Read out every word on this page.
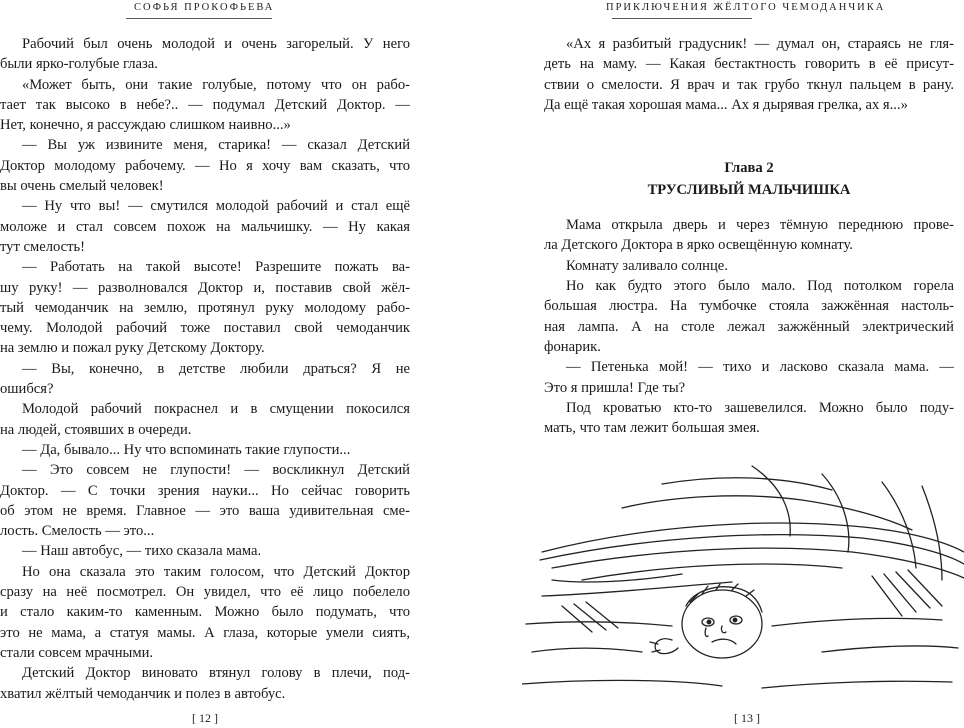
СОФЬЯ ПРОКОФЬЕВА
Рабочий был очень молодой и очень загорелый. У него
были ярко-голубые глаза.
«Может быть, они такие голубые, потому что он рабо-
тает так высоко в небе?.. — подумал Детский Доктор. —
Нет, конечно, я рассуждаю слишком наивно...»
— Вы уж извините меня, старика! — сказал Детский
Доктор молодому рабочему. — Но я хочу вам сказать, что
вы очень смелый человек!
— Ну что вы! — смутился молодой рабочий и стал ещё
моложе и стал совсем похож на мальчишку. — Ну какая
тут смелость!
— Работать на такой высоте! Разрешите пожать ва-
шу руку! — разволновался Доктор и, поставив свой жёл-
тый чемоданчик на землю, протянул руку молодому рабо-
чему. Молодой рабочий тоже поставил свой чемоданчик
на землю и пожал руку Детскому Доктору.
— Вы, конечно, в детстве любили драться? Я не
ошибся?
Молодой рабочий покраснел и в смущении покосился
на людей, стоявших в очереди.
— Да, бывало... Ну что вспоминать такие глупости...
— Это совсем не глупости! — воскликнул Детский
Доктор. — С точки зрения науки... Но сейчас говорить
об этом не время. Главное — это ваша удивительная сме-
лость. Смелость — это...
— Наш автобус, — тихо сказала мама.
Но она сказала это таким голосом, что Детский Доктор
сразу на неё посмотрел. Он увидел, что её лицо побелело
и стало каким-то каменным. Можно было подумать, что
это не мама, а статуя мамы. А глаза, которые умели сиять,
стали совсем мрачными.
Детский Доктор виновато втянул голову в плечи, под-
хватил жёлтый чемоданчик и полез в автобус.
[ 12 ]
ПРИКЛЮЧЕНИЯ ЖЁЛТОГО ЧЕМОДАНЧИКА
«Ах я разбитый градусник! — думал он, стараясь не гля-
деть на маму. — Какая бестактность говорить в её присут-
ствии о смелости. Я врач и так грубо ткнул пальцем в рану.
Да ещё такая хорошая мама... Ах я дырявая грелка, ах я...»
Глава 2
ТРУСЛИВЫЙ МАЛЬЧИШКА
Мама открыла дверь и через тёмную переднюю прове-
ла Детского Доктора в ярко освещённую комнату.
Комнату заливало солнце.
Но как будто этого было мало. Под потолком горела
большая люстра. На тумбочке стояла зажжённая настоль-
ная лампа. А на столе лежал зажжённый электрический
фонарик.
— Петенька мой! — тихо и ласково сказала мама. —
Это я пришла! Где ты?
Под кроватью кто-то зашевелился. Можно было поду-
мать, что там лежит большая змея.
[ 13 ]
